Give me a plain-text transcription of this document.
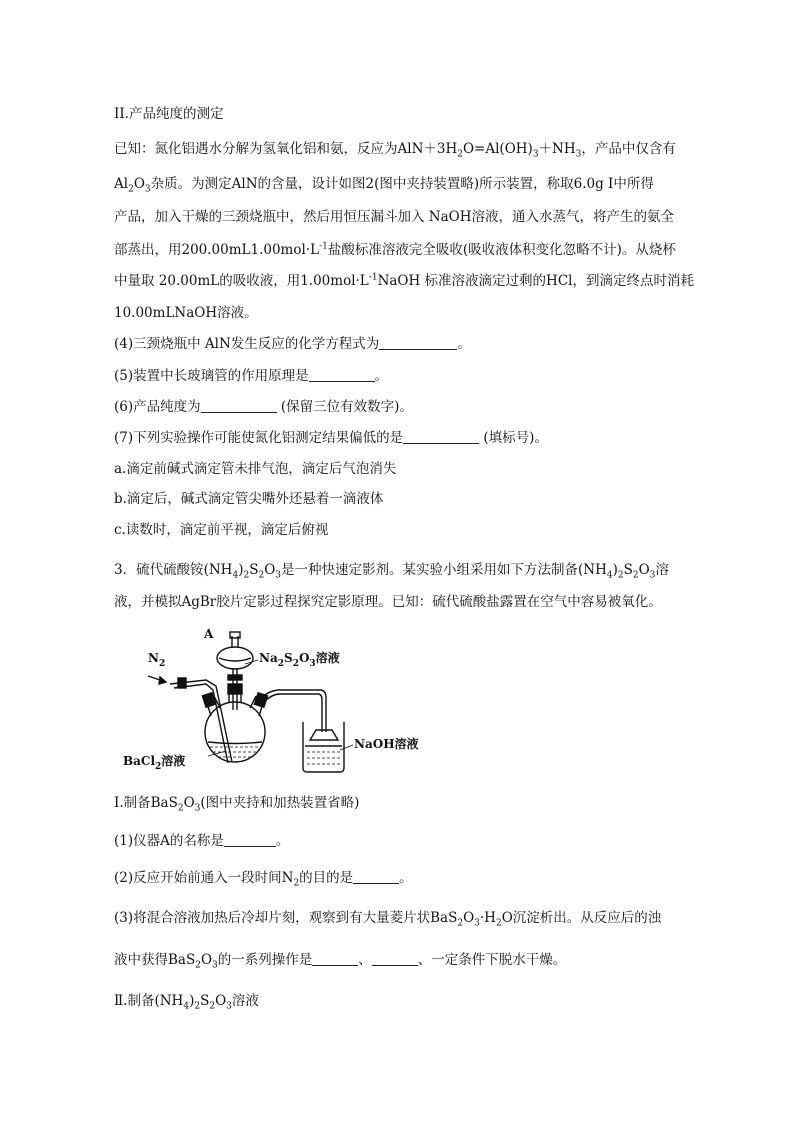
II.产品纯度的测定
已知：氮化铝遇水分解为氢氧化铝和氨，反应为$AlN+3H_2O=Al(OH)_3+NH_3$，产品中仅含有
$Al_2O_3$杂质。为测定AlN的含量，设计如图2(图中夹持装置略)所示装置，称取6.0g I中所得
产品，加入干燥的三颈烧瓶中，然后用恒压漏斗加入 NaOH溶液，通入水蒸气，将产生的氨全
部蒸出，用$200.00mL1.00mol\cdot L^{-1}$盐酸标准溶液完全吸收(吸收液体积变化忽略不计)。从烧杯
中量取 20.00mL的吸收液，用$1.00mol\cdot L^{-1}NaOH$ 标准溶液滴定过剩的HCl，到滴定终点时消耗
10.00mLNaOH溶液。
(4)三颈烧瓶中 AlN发生反应的化学方程式为	。
(5)装置中长玻璃管的作用原理是	。
(6)产品纯度为	(保留三位有效数字)。
(7)下列实验操作可能使氮化铝测定结果偏低的是	(填标号)。
a.滴定前碱式滴定管未排气泡，滴定后气泡消失
b.滴定后，碱式滴定管尖嘴外还悬着一滴液体
c.读数时，滴定前平视，滴定后俯视
3．硫代硫酸铵$(NH_4)_2S_2O_3$是一种快速定影剂。某实验小组采用如下方法制备$(NH_4)_2S_2O_3$溶
液，并模拟AgBr胶片定影过程探究定影原理。已知：硫代硫酸盐露置在空气中容易被氧化。
A
$N_2$	$Na_2S_2O_3$溶液
BaCl$_2$溶液
NaOH溶液
Ⅰ.制备$BaS_2O_3$(图中夹持和加热装置省略)
(1)仪器A的名称是	。
(2)反应开始前通入一段时间$N_2$的目的是	。
(3)将混合溶液加热后冷却片刻，观察到有大量菱片状$BaS_2O_3\cdot H_2O$沉淀析出。从反应后的浊
液中获得$BaS_2O_3$的一系列操作是	、	、一定条件下脱水干燥。
Ⅱ.制备$(NH_4)_2S_2O_3$溶液
